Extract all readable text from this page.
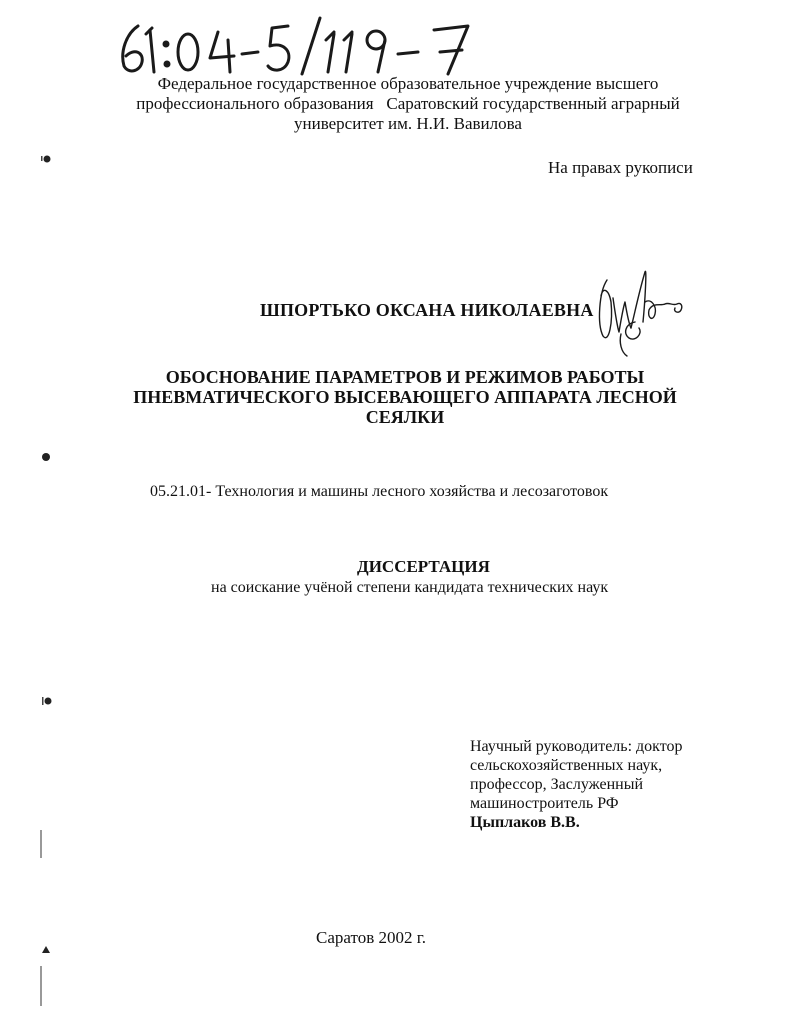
Федеральное государственное образовательное учреждение высшего
профессионального образования   Саратовский государственный аграрный
университет им. Н.И. Вавилова
На правах рукописи
ШПОРТЬКО ОКСАНА НИКОЛАЕВНА
ОБОСНОВАНИЕ ПАРАМЕТРОВ И РЕЖИМОВ РАБОТЫ
ПНЕВМАТИЧЕСКОГО ВЫСЕВАЮЩЕГО АППАРАТА ЛЕСНОЙ
СЕЯЛКИ
05.21.01- Технология и машины лесного хозяйства и лесозаготовок
ДИССЕРТАЦИЯ
на соискание учёной степени кандидата технических наук
Научный руководитель: доктор
сельскохозяйственных наук,
профессор, Заслуженный
машиностроитель РФ
Цыплаков В.В.
Саратов 2002 г.
